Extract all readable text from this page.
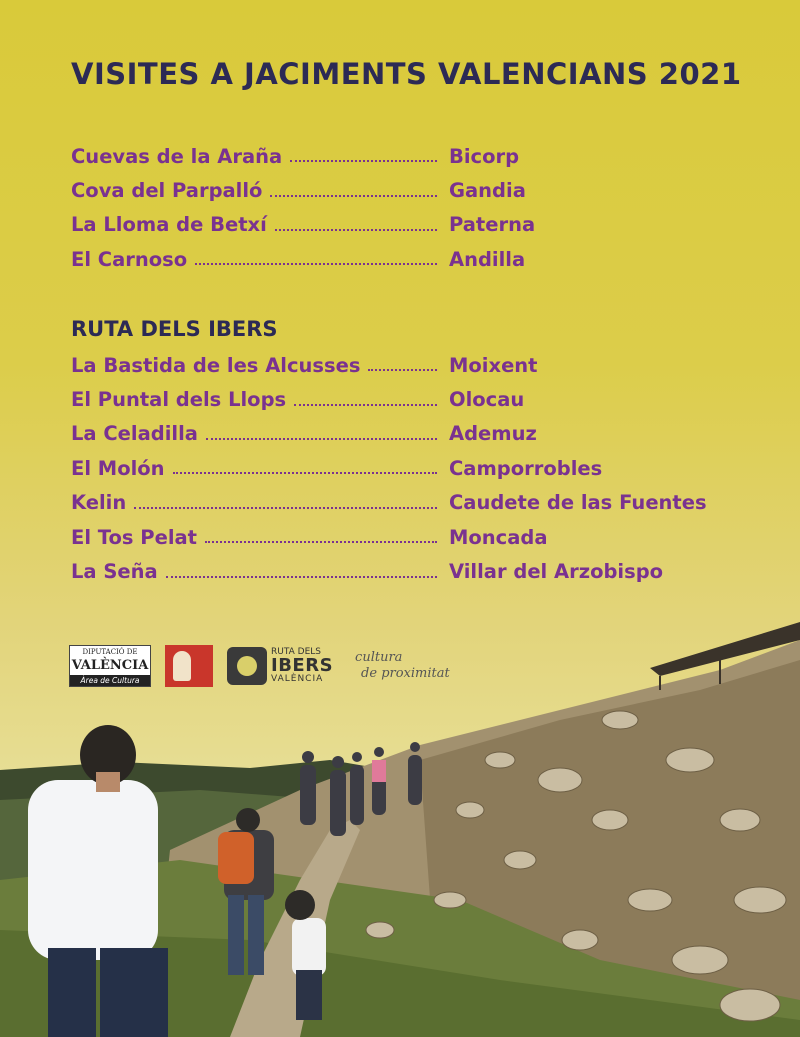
VISITES A JACIMENTS VALENCIANS 2021
Cuevas de la Araña	Bicorp
Cova del Parpalló	Gandia
La Lloma de Betxí	Paterna
El Carnoso	Andilla
RUTA DELS IBERS
La Bastida de les Alcusses	Moixent
El Puntal dels Llops	Olocau
La Celadilla	Ademuz
El Molón	Camporrobles
Kelin	Caudete de las Fuentes
El Tos Pelat	Moncada
La Seña	Villar del Arzobispo
DIPUTACIÓ DE
VALÈNCIA
Àrea de Cultura
RUTA DELS
IBERS
VALÈNCIA
cultura
de proximitat
